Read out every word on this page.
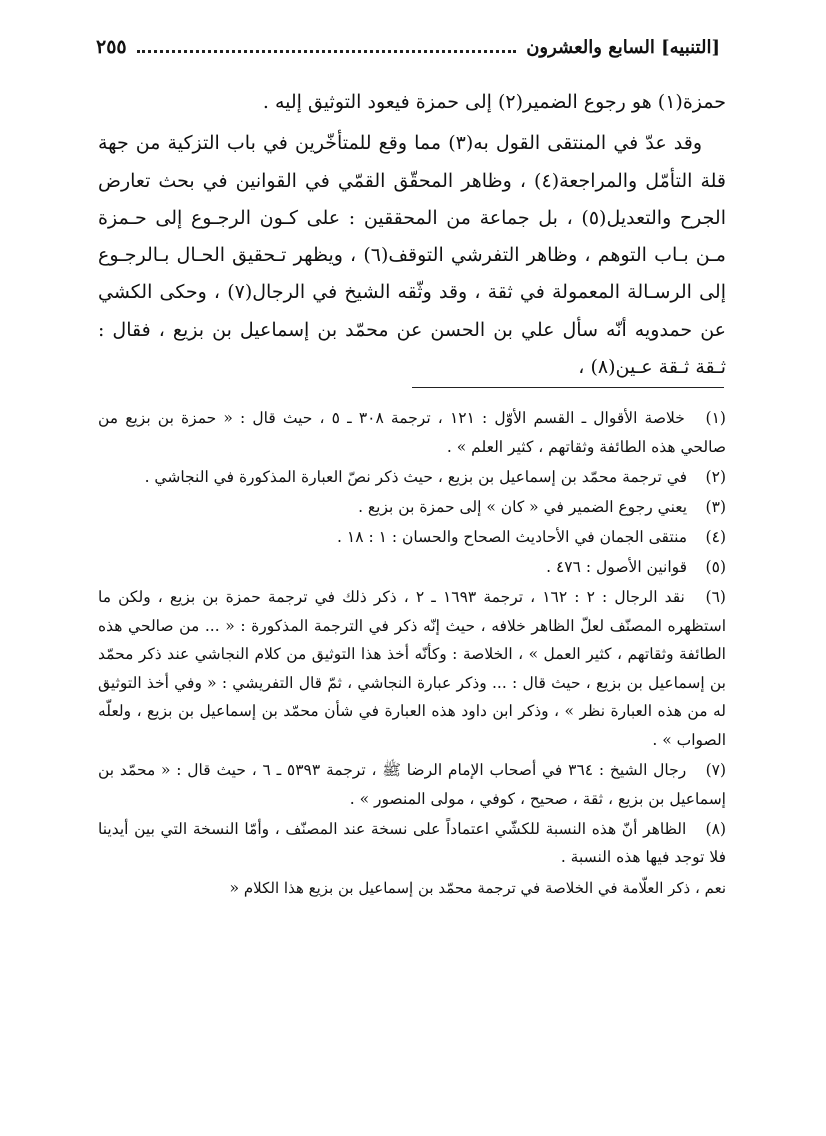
[التنبيه] السابع والعشرون
٢٥٥

حمزة(١) هو رجوع الضمير(٢) إلى حمزة فيعود التوثيق إليه .

وقد عدّ في المنتقى القول به(٣) مما وقع للمتأخّرين في باب التزكية من جهة قلة التأمّل والمراجعة(٤) ، وظاهر المحقّق القمّي في القوانين في بحث تعارض الجرح والتعديل(٥) ، بل جماعة من المحققين : على كـون الرجـوع إلى حـمزة مـن بـاب التوهم ، وظاهر التفرشي التوقف(٦) ، ويظهر تـحقيق الحـال بـالرجـوع إلى الرسـالة المعمولة في ثقة ، وقد وثّقه الشيخ في الرجال(٧) ، وحكى الكشي عن حمدويه أنّه سأل علي بن الحسن عن محمّد بن إسماعيل بن بزيع ، فقال : ثـقة ثـقة عـين(٨) ،

(١) خلاصة الأقوال ـ القسم الأوّل : ١٢١ ، ترجمة ٣٠٨ ـ ٥ ، حيث قال : « حمزة بن بزيع من صالحي هذه الطائفة وثقاتهم ، كثير العلم » .
(٢) في ترجمة محمّد بن إسماعيل بن بزيع ، حيث ذكر نصّ العبارة المذكورة في النجاشي .
(٣) يعني رجوع الضمير في « كان » إلى حمزة بن بزيع .
(٤) منتقى الجمان في الأحاديث الصحاح والحسان : ١ : ١٨ .
(٥) قوانين الأصول : ٤٧٦ .
(٦) نقد الرجال : ٢ : ١٦٢ ، ترجمة ١٦٩٣ ـ ٢ ، ذكر ذلك في ترجمة حمزة بن بزيع ، ولكن ما استظهره المصنّف لعلّ الظاهر خلافه ، حيث إنّه ذكر في الترجمة المذكورة : « ... من صالحي هذه الطائفة وثقاتهم ، كثير العمل » ، الخلاصة : وكأنّه أخذ هذا التوثيق من كلام النجاشي عند ذكر محمّد بن إسماعيل بن بزيع ، حيث قال : ... وذكر عبارة النجاشي ، ثمّ قال التفريشي : « وفي أخذ التوثيق له من هذه العبارة نظر » ، وذكر ابن داود هذه العبارة في شأن محمّد بن إسماعيل بن بزيع ، ولعلّه الصواب » .
(٧) رجال الشيخ : ٣٦٤ في أصحاب الإمام الرضا ﷺ ، ترجمة ٥٣٩٣ ـ ٦ ، حيث قال : « محمّد بن إسماعيل بن بزيع ، ثقة ، صحيح ، كوفي ، مولى المنصور » .
(٨) الظاهر أنّ هذه النسبة للكشّي اعتماداً على نسخة عند المصنّف ، وأمّا النسخة التي بين أيدينا فلا توجد فيها هذه النسبة .
نعم ، ذكر العلّامة في الخلاصة في ترجمة محمّد بن إسماعيل بن بزيع هذا الكلام «
